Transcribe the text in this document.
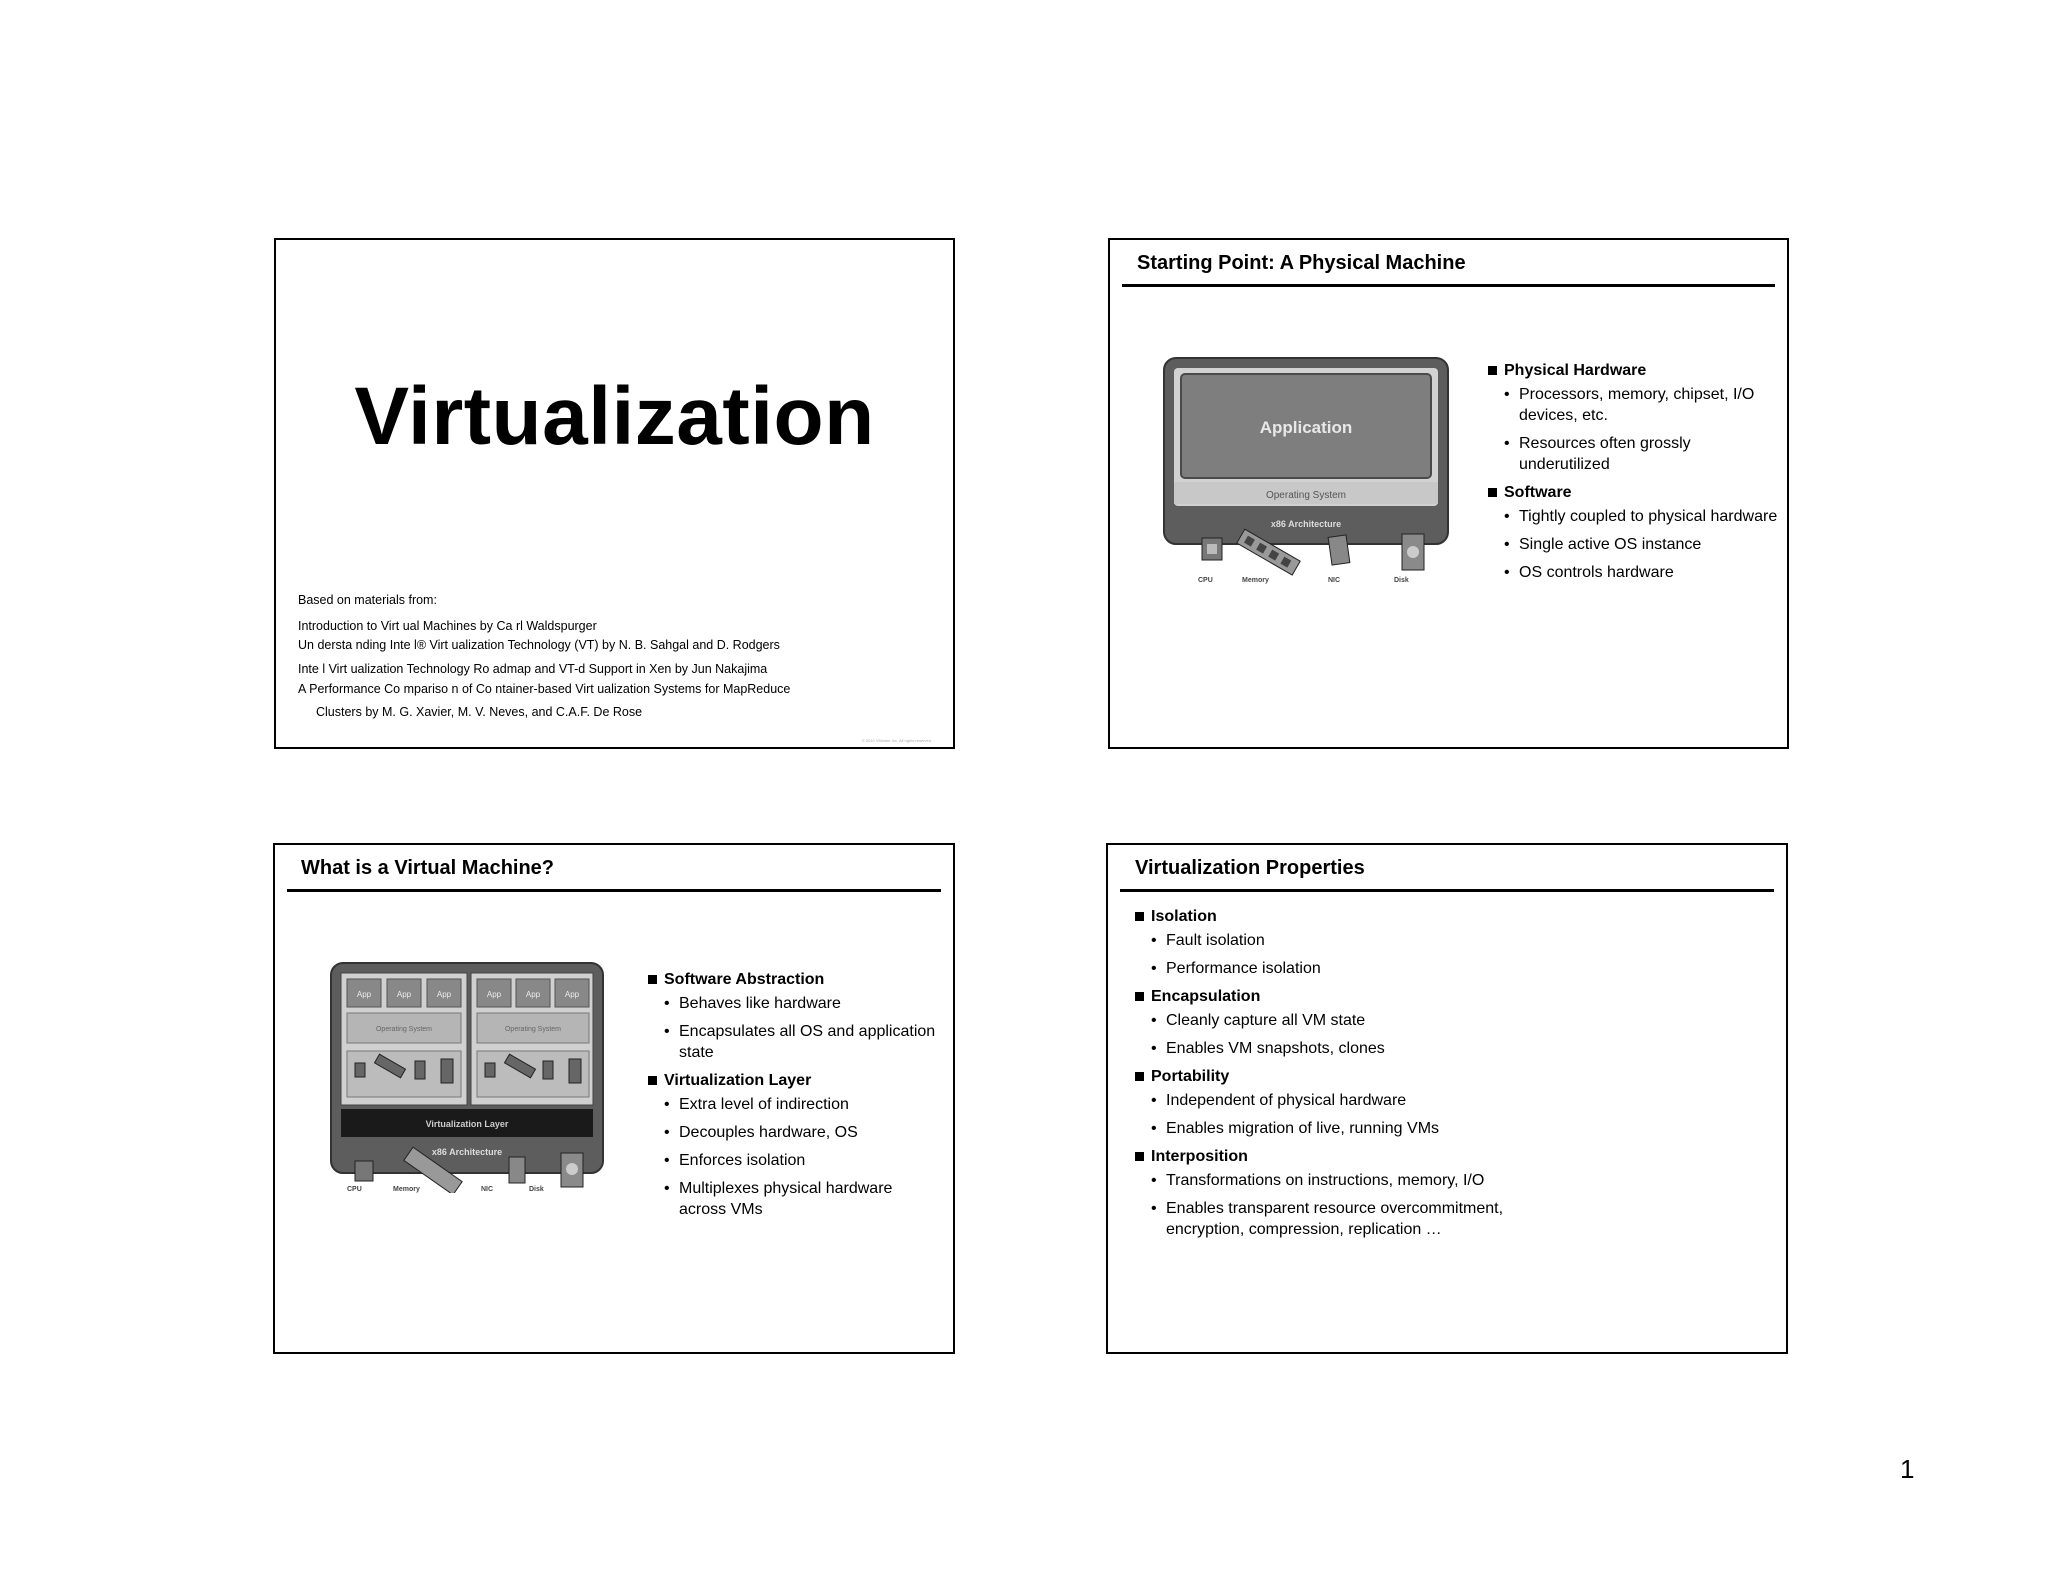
Virtualization
Based on materials from:
Introduction to Virt ual Machines by Ca rl Waldspurger
Un dersta nding Inte l® Virt ualization Technology (VT) by N. B. Sahgal and D. Rodgers
Inte l Virt ualization Technology Ro admap and VT-d Support in Xen by Jun Nakajima
A Performance Co mpariso n of Co ntainer-based Virt ualization Systems for MapReduce
Clusters by M. G. Xavier, M. V. Neves, and C.A.F. De Rose
© 2010 VMware Inc. All rights reserved
Starting Point: A Physical Machine
Application
Operating System
x86 Architecture
CPU	Memory	NIC	Disk
Physical Hardware
• Processors, memory, chipset, I/O devices, etc.
• Resources often grossly underutilized
Software
• Tightly coupled to physical hardware
• Single active OS instance
• OS controls hardware
What is a Virtual Machine?
App	App	App	App	App	App
Operating System	Operating System
Virtualization Layer
x86 Architecture
CPU	Memory	NIC	Disk
Software Abstraction
• Behaves like hardware
• Encapsulates all OS and application state
Virtualization Layer
• Extra level of indirection
• Decouples hardware, OS
• Enforces isolation
• Multiplexes physical hardware across VMs
Virtualization Properties
Isolation
• Fault isolation
• Performance isolation
Encapsulation
• Cleanly capture all VM state
• Enables VM snapshots, clones
Portability
• Independent of physical hardware
• Enables migration of live, running VMs
Interposition
• Transformations on instructions, memory, I/O
• Enables transparent resource overcommitment, encryption, compression, replication …
1
